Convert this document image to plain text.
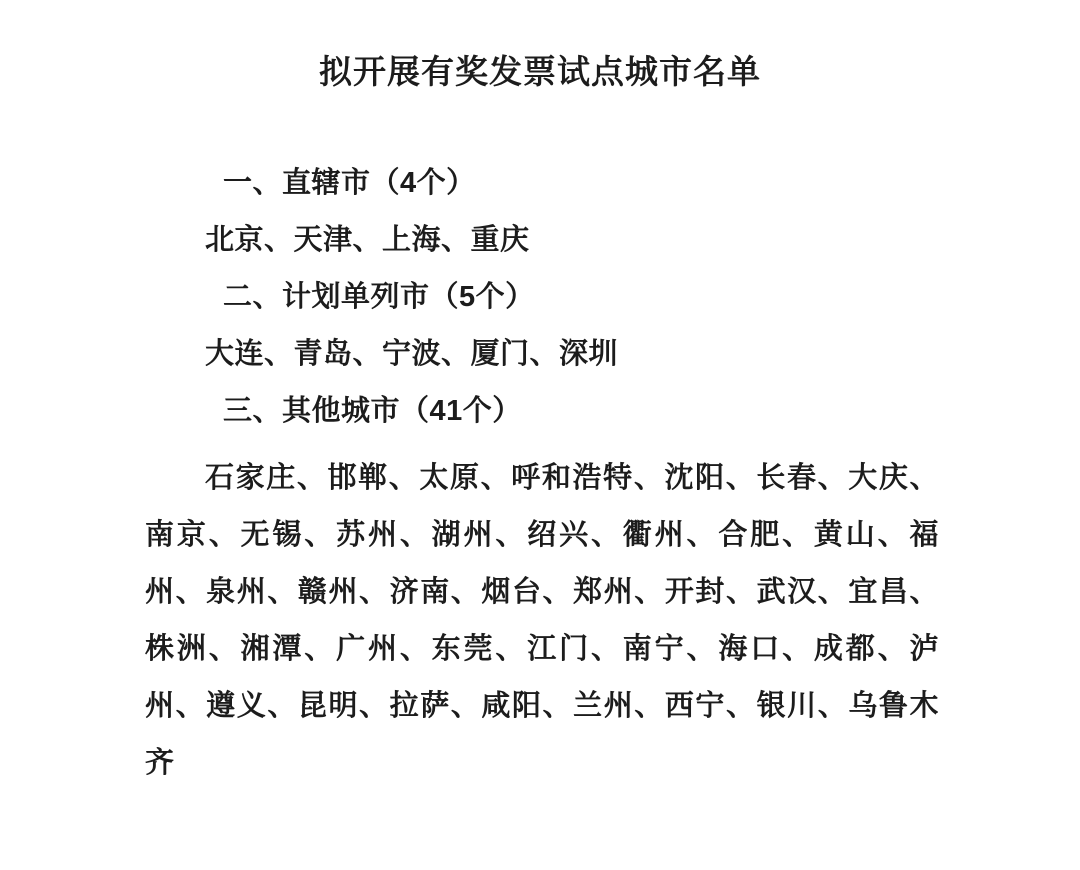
拟开展有奖发票试点城市名单
一、直辖市（4个）
北京、天津、上海、重庆
二、计划单列市（5个）
大连、青岛、宁波、厦门、深圳
三、其他城市（41个）
石家庄、邯郸、太原、呼和浩特、沈阳、长春、大庆、南京、无锡、苏州、湖州、绍兴、衢州、合肥、黄山、福州、泉州、赣州、济南、烟台、郑州、开封、武汉、宜昌、株洲、湘潭、广州、东莞、江门、南宁、海口、成都、泸州、遵义、昆明、拉萨、咸阳、兰州、西宁、银川、乌鲁木齐
